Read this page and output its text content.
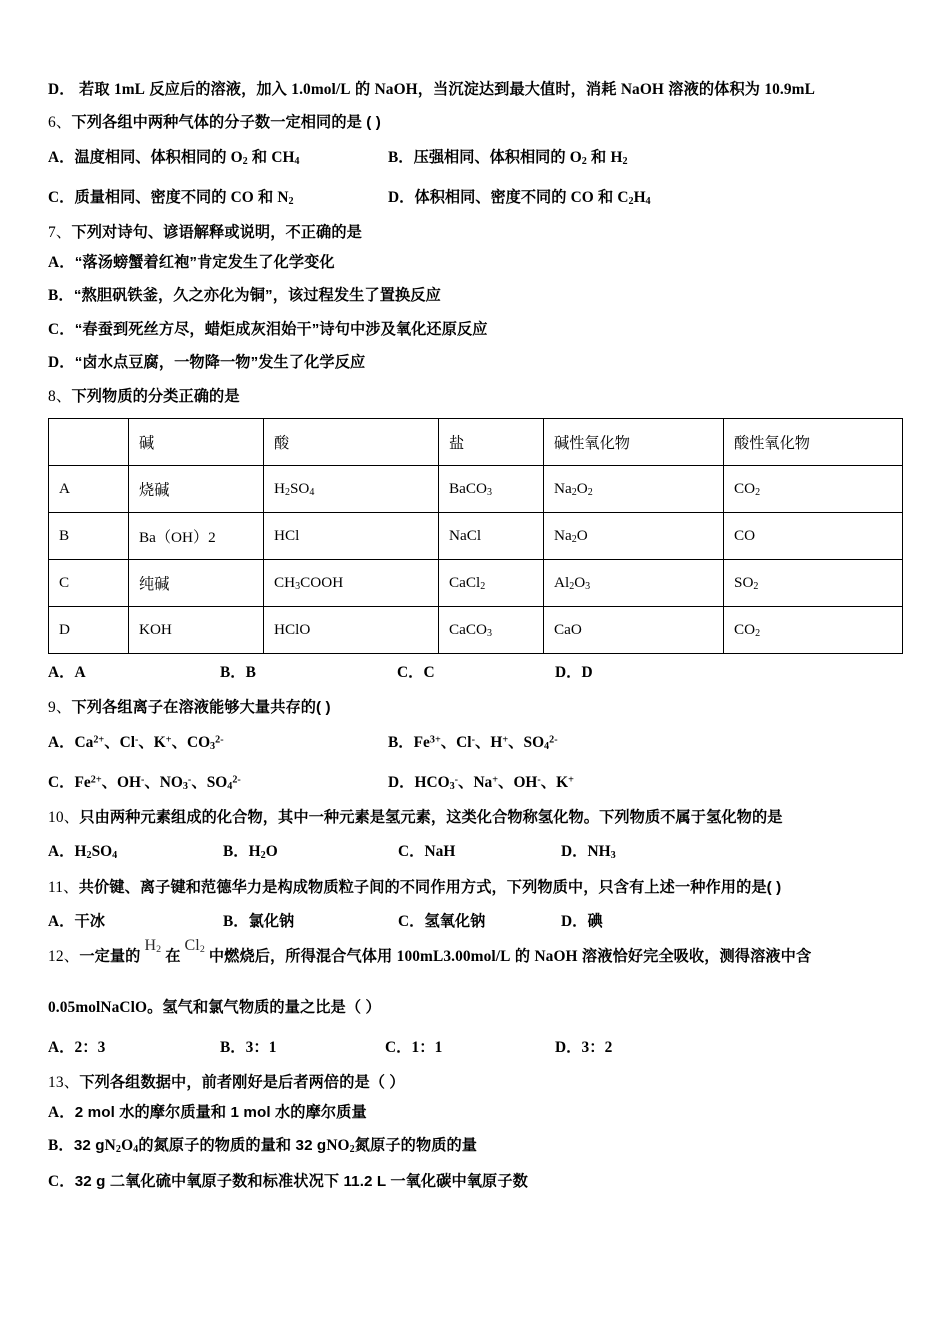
D． 若取 1mL 反应后的溶液，加入 1.0mol/L 的 NaOH，当沉淀达到最大值时，消耗 NaOH 溶液的体积为 10.9mL
6、下列各组中两种气体的分子数一定相同的是 ( )
A．温度相同、体积相同的 $O_2$ 和 $CH_4$	B．压强相同、体积相同的 $O_2$ 和 $H_2$
C．质量相同、密度不同的 CO 和 $N_2$	D．体积相同、密度不同的 CO 和 $C_2H_4$
7、下列对诗句、谚语解释或说明，不正确的是
A．“落汤螃蟹着红袍”肯定发生了化学变化
B．“熬胆矾铁釜，久之亦化为铜”，该过程发生了置换反应
C．“春蚕到死丝方尽，蜡炬成灰泪始干”诗句中涉及氧化还原反应
D．“卤水点豆腐，一物降一物”发生了化学反应
8、下列物质的分类正确的是
	碱	酸	盐	碱性氧化物	酸性氧化物
A	烧碱	$H_2SO_4$	BaCO$_3$	$Na_2O_2$	$CO_2$
B	Ba（OH）2	HCl	NaCl	$Na_2O$	CO
C	纯碱	$CH_3COOH$	CaCl$_2$	$Al_2O_3$	$SO_2$
D	KOH	HClO	CaCO$_3$	CaO	$CO_2$
A．A	B．B	C．C	D．D
9、下列各组离子在溶液能够大量共存的( )
A．$Ca^{2+}$、Cl-、K+、$CO_3^{2-}$	B．$Fe^{3+}$、Cl-、H+、$SO_4^{2-}$
C．$Fe^{2+}$、OH-、$NO_3^-$、$SO_4^{2-}$	D．$HCO_3^-$、Na+、OH-、K+
10、只由两种元素组成的化合物，其中一种元素是氢元素，这类化合物称氢化物。下列物质不属于氢化物的是
A．$H_2SO_4$	B．$H_2O$	C．NaH	D．$NH_3$
11、共价键、离子键和范德华力是构成物质粒子间的不同作用方式，下列物质中，只含有上述一种作用的是( )
A．干冰	B．氯化钠	C．氢氧化钠	D．碘
12、一定量的$H_2$ 在$Cl_2$ 中燃烧后，所得混合气体用 100mL3.00mol/L 的 NaOH 溶液恰好完全吸收，测得溶液中含
0.05molNaClO。氢气和氯气物质的量之比是（ ）
A．2：3	B．3：1	C．1：1	D．3：2
13、下列各组数据中，前者刚好是后者两倍的是（ ）
A．2 mol 水的摩尔质量和 1 mol 水的摩尔质量
B．32 $gN_2O_4$的氮原子的物质的量和 32 gNO$_2$氮原子的物质的量
C．32 g 二氧化硫中氧原子数和标准状况下 11.2 L 一氧化碳中氧原子数
